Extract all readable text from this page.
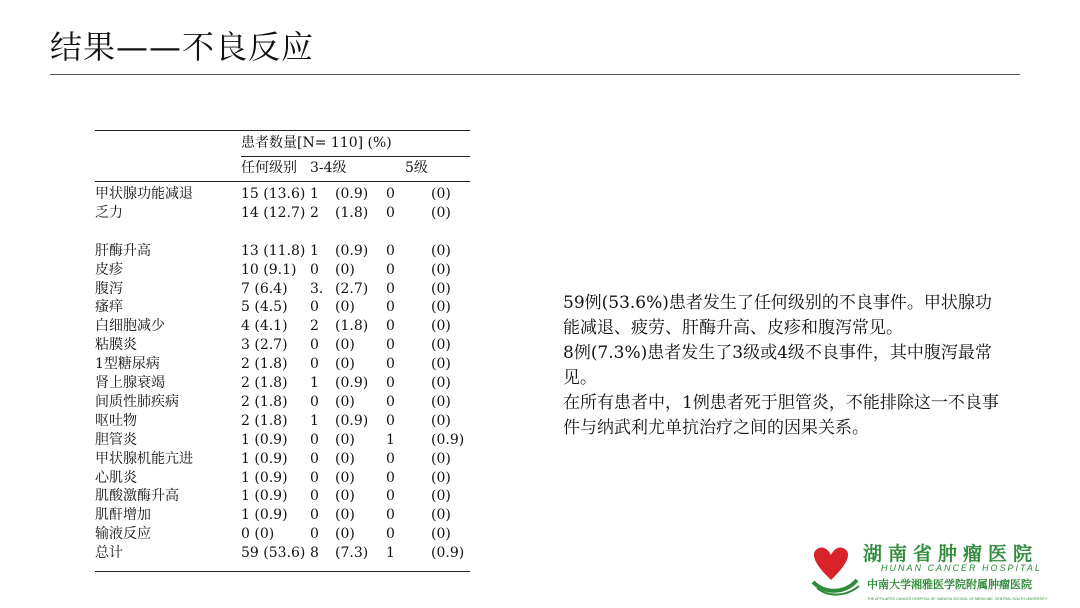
结果——不良反应
患者数量[N= 110] (%)
任何级别 3-4级	5级
甲状腺功能减退	15 (13.6) 1 (0.9) 0	(0)
乏力	14 (12.7) 2 (1.8) 0	(0)
肝酶升高	13 (11.8) 1 (0.9) 0	(0)
皮疹	10 (9.1) 0 (0) 0	(0)
腹泻	7 (6.4) 3. (2.7) 0	(0)
瘙痒	5 (4.5) 0 (0) 0	(0)
白细胞减少	4 (4.1) 2 (1.8) 0	(0)
粘膜炎	3 (2.7) 0 (0) 0	(0)
1型糖尿病	2 (1.8) 0 (0) 0	(0)
肾上腺衰竭	2 (1.8) 1 (0.9) 0	(0)
间质性肺疾病	2 (1.8) 0 (0) 0	(0)
呕吐物	2 (1.8) 1 (0.9) 0	(0)
胆管炎	1 (0.9) 0 (0) 1	(0.9)
甲状腺机能亢进	1 (0.9) 0 (0) 0	(0)
心肌炎	1 (0.9) 0 (0) 0	(0)
肌酸激酶升高	1 (0.9) 0 (0) 0	(0)
肌酐增加	1 (0.9) 0 (0) 0	(0)
输液反应	0 (0)	0 (0) 0	(0)
总计	59 (53.6) 8 (7.3) 1	(0.9)

59例(53.6%)患者发生了任何级别的不良事件。甲状腺功能减退、疲劳、肝酶升高、皮疹和腹泻常见。

8例(7.3%)患者发生了3级或4级不良事件，其中腹泻最常见。

在所有患者中，1例患者死于胆管炎，不能排除这一不良事件与纳武利尤单抗治疗之间的因果关系。

湖南省肿瘤医院
HUNAN CANCER HOSPITAL
中南大学湘雅医学院附属肿瘤医院
THE AFFILIATED CANCER HOSPITAL OF XIANGYA SCHOOL OF MEDICINE, CENTRAL SOUTH UNIVERSITY
